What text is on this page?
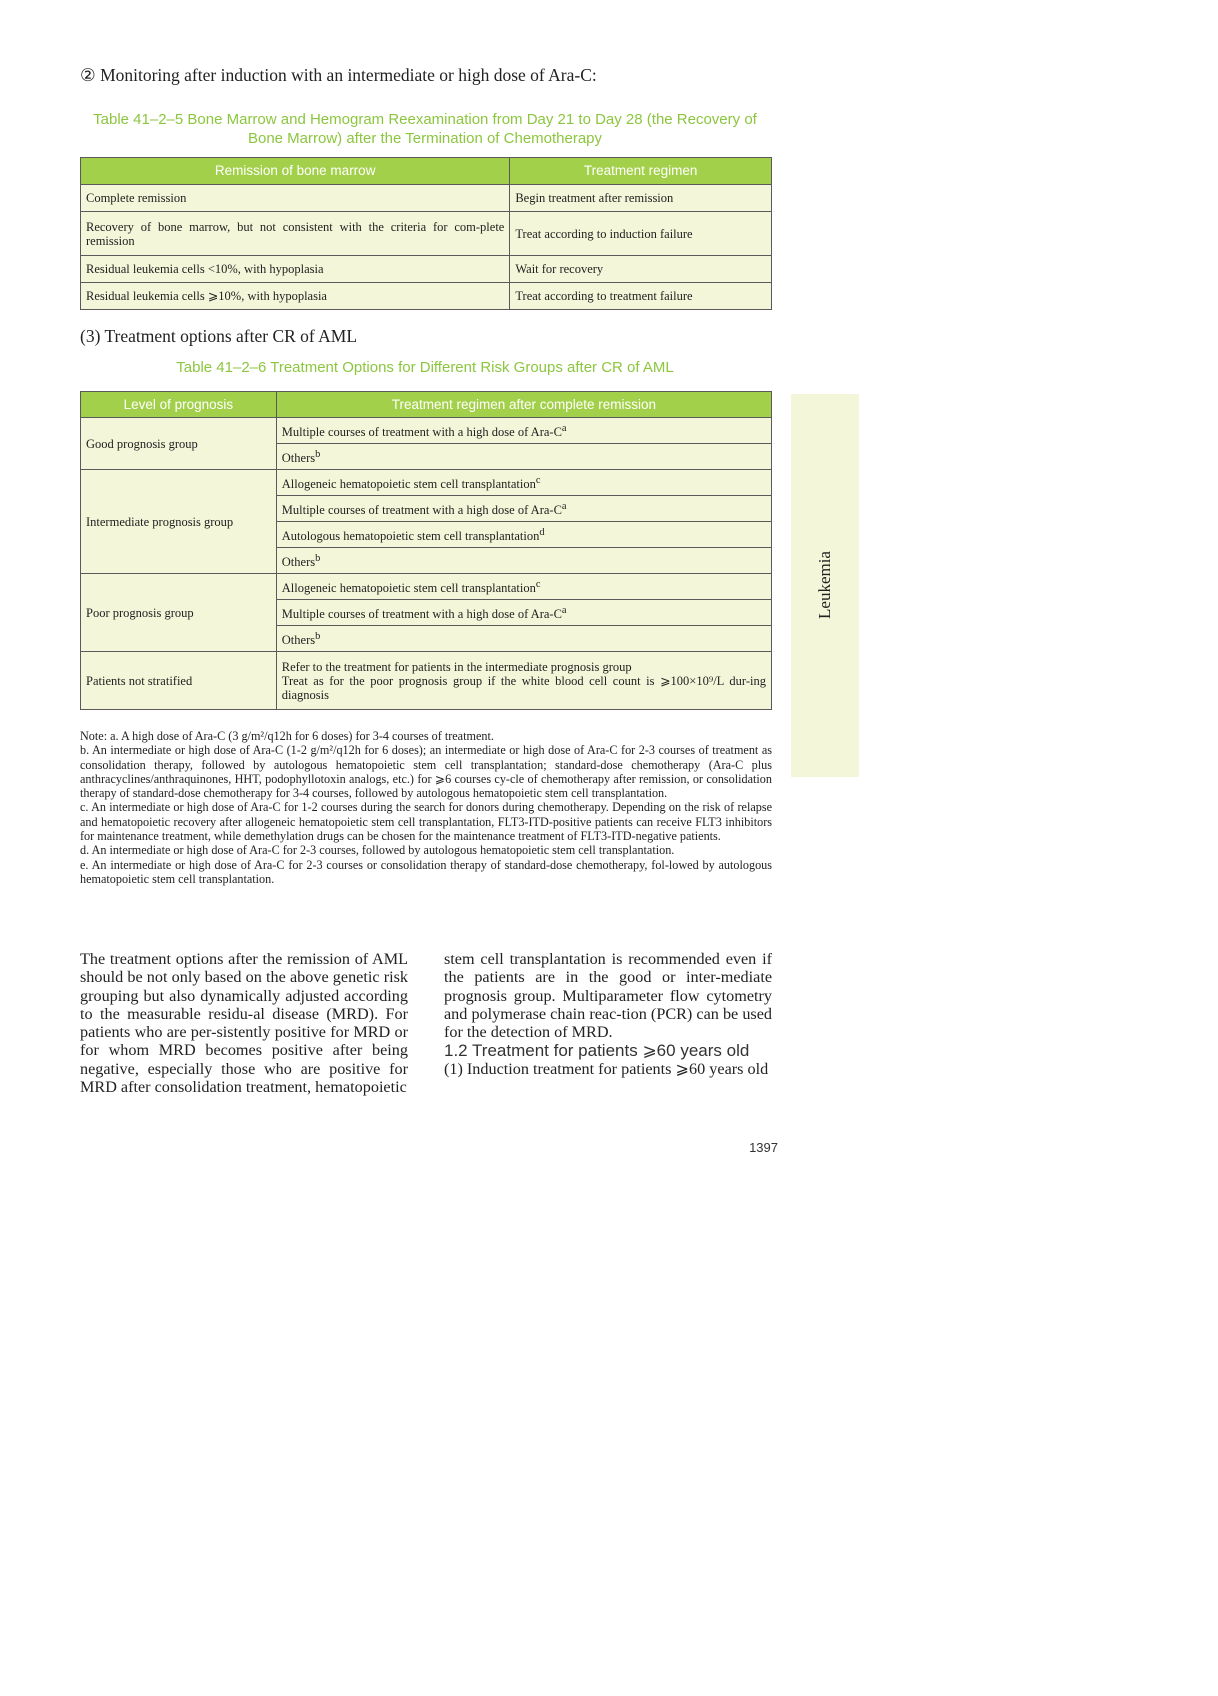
② Monitoring after induction with an intermediate or high dose of Ara-C:
Table 41–2–5 Bone Marrow and Hemogram Reexamination from Day 21 to Day 28 (the Recovery of
Bone Marrow) after the Termination of Chemotherapy
Remission of bone marrow	Treatment regimen
Complete remission	Begin treatment after remission
Recovery of bone marrow, but not consistent with the criteria for com-plete remission	Treat according to induction failure
Residual leukemia cells <10%, with hypoplasia	Wait for recovery
Residual leukemia cells ⩾10%, with hypoplasia	Treat according to treatment failure
(3) Treatment options after CR of AML
Table 41–2–6 Treatment Options for Different Risk Groups after CR of AML
Level of prognosis	Treatment regimen after complete remission
Good prognosis group	Multiple courses of treatment with a high dose of Ara-$C^a$
	Others$^b$
Intermediate prognosis group	Allogeneic hematopoietic stem cell transplantation$^c$
	Multiple courses of treatment with a high dose of Ara-$C^a$
	Autologous hematopoietic stem cell transplantation$^d$
	Others$^b$
Poor prognosis group	Allogeneic hematopoietic stem cell transplantation$^c$
	Multiple courses of treatment with a high dose of Ara-$C^a$
	Others$^b$
Patients not stratified	Refer to the treatment for patients in the intermediate prognosis group
Treat as for the poor prognosis group if the white blood cell count is ⩾100×10⁹/L dur-ing diagnosis
Leukemia

Note: a. A high dose of Ara-C (3 g/m²/q12h for 6 doses) for 3-4 courses of treatment.

b. An intermediate or high dose of Ara-C (1-2 g/m²/q12h for 6 doses); an intermediate or high dose of Ara-C for 2-3 courses of treatment as consolidation therapy, followed by autologous hematopoietic stem cell transplantation; standard-dose chemotherapy (Ara-C plus anthracyclines/anthraquinones, HHT, podophyllotoxin analogs, etc.) for ⩾6 courses cy-cle of chemotherapy after remission, or consolidation therapy of standard-dose chemotherapy for 3-4 courses, followed by autologous hematopoietic stem cell transplantation.

c. An intermediate or high dose of Ara-C for 1-2 courses during the search for donors during chemotherapy. Depending on the risk of relapse and hematopoietic recovery after allogeneic hematopoietic stem cell transplantation, FLT3-ITD-positive patients can receive FLT3 inhibitors for maintenance treatment, while demethylation drugs can be chosen for the maintenance treatment of FLT3-ITD-negative patients.

d. An intermediate or high dose of Ara-C for 2-3 courses, followed by autologous hematopoietic stem cell transplantation.

e. An intermediate or high dose of Ara-C for 2-3 courses or consolidation therapy of standard-dose chemotherapy, fol-lowed by autologous hematopoietic stem cell transplantation.

The treatment options after the remission of AML should be not only based on the above genetic risk grouping but also dynamically adjusted according to the measurable residu-al disease (MRD). For patients who are per-sistently positive for MRD or for whom MRD becomes positive after being negative, especially those who are positive for MRD after consolidation treatment, hematopoietic
stem cell transplantation is recommended even if the patients are in the good or inter-mediate prognosis group. Multiparameter flow cytometry and polymerase chain reac-tion (PCR) can be used for the detection of MRD.
1.2 Treatment for patients ⩾60 years old
(1) Induction treatment for patients ⩾60 years old
1397
